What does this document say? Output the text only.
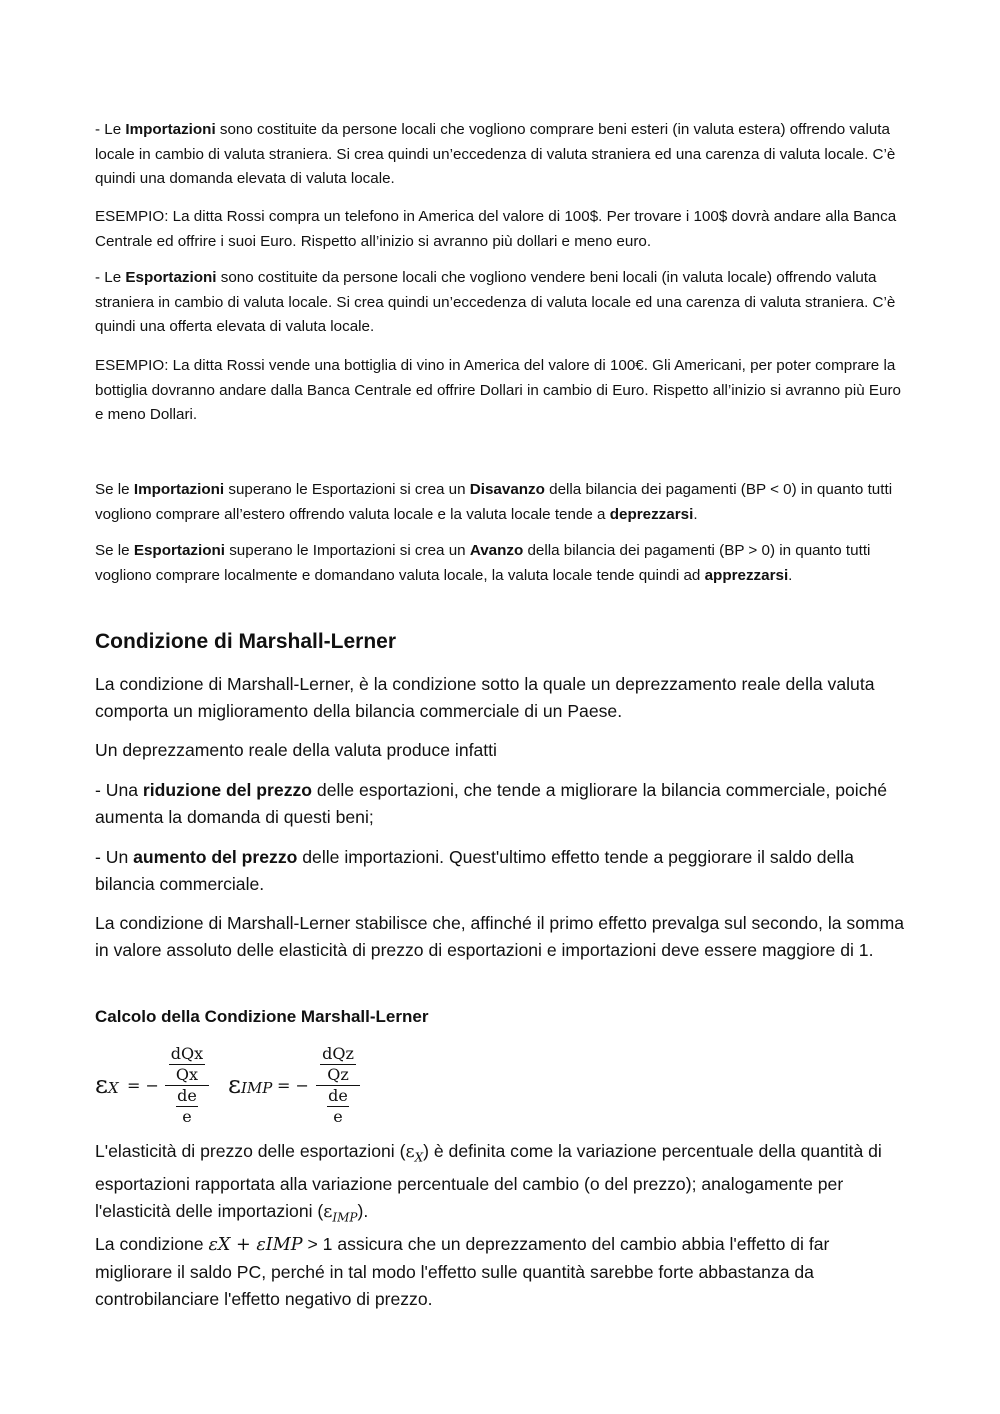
- Le Importazioni sono costituite da persone locali che vogliono comprare beni esteri (in valuta estera) offrendo valuta locale in cambio di valuta straniera. Si crea quindi un’eccedenza di valuta straniera ed una carenza di valuta locale. C’è quindi una domanda elevata di valuta locale.
ESEMPIO: La ditta Rossi compra un telefono in America del valore di 100$. Per trovare i 100$ dovrà andare alla Banca Centrale ed offrire i suoi Euro. Rispetto all’inizio si avranno più dollari e meno euro.
- Le Esportazioni sono costituite da persone locali che vogliono vendere beni locali (in valuta locale) offrendo valuta straniera in cambio di valuta locale. Si crea quindi un’eccedenza di valuta locale ed una carenza di valuta straniera. C’è quindi una offerta elevata di valuta locale.
ESEMPIO: La ditta Rossi vende una bottiglia di vino in America del valore di 100€. Gli Americani, per poter comprare la bottiglia dovranno andare dalla Banca Centrale ed offrire Dollari in cambio di Euro. Rispetto all’inizio si avranno più Euro e meno Dollari.
Se le Importazioni superano le Esportazioni si crea un Disavanzo della bilancia dei pagamenti (BP < 0) in quanto tutti vogliono comprare all’estero offrendo valuta locale e la valuta locale tende a deprezzarsi.
Se le Esportazioni superano le Importazioni si crea un Avanzo della bilancia dei pagamenti (BP > 0) in quanto tutti vogliono comprare localmente e domandano valuta locale, la valuta locale tende quindi ad apprezzarsi.
Condizione di Marshall-Lerner
La condizione di Marshall-Lerner, è la condizione sotto la quale un deprezzamento reale della valuta comporta un miglioramento della bilancia commerciale di un Paese.
Un deprezzamento reale della valuta produce infatti
- Una riduzione del prezzo delle esportazioni, che tende a migliorare la bilancia commerciale, poiché aumenta la domanda di questi beni;
- Un aumento del prezzo delle importazioni. Quest'ultimo effetto tende a peggiorare il saldo della bilancia commerciale.
La condizione di Marshall-Lerner stabilisce che, affinché il primo effetto prevalga sul secondo, la somma in valore assoluto delle elasticità di prezzo di esportazioni e importazioni deve essere maggiore di 1.
Calcolo della Condizione Marshall-Lerner
εX = −
dQx
Qx
de
e
εIMP = −
dQz
Qz
de
e
L'elasticità di prezzo delle esportazioni $(\varepsilon_X)$ è definita come la variazione percentuale della quantità di esportazioni rapportata alla variazione percentuale del cambio (o del prezzo); analogamente per l'elasticità delle importazioni $(\varepsilon_{IMP})$.
La condizione εX + εIMP > 1 assicura che un deprezzamento del cambio abbia l'effetto di far migliorare il saldo PC, perché in tal modo l'effetto sulle quantità sarebbe forte abbastanza da controbilanciare l'effetto negativo di prezzo.
